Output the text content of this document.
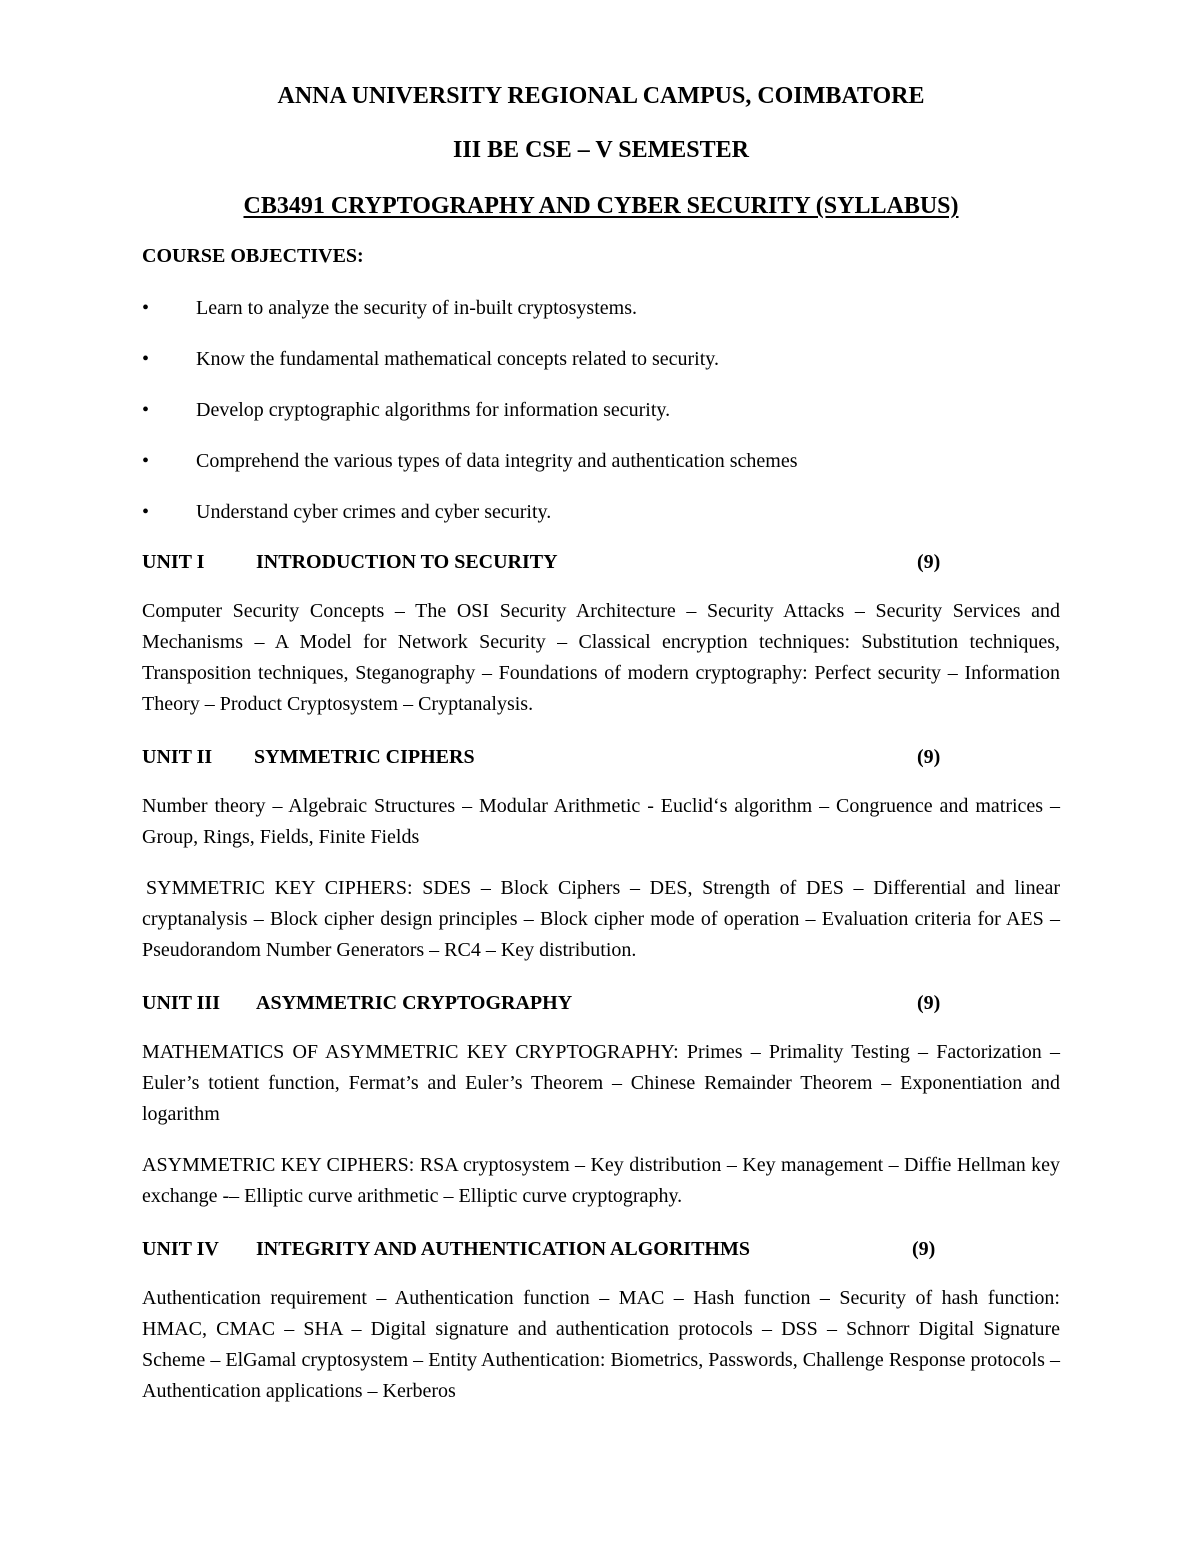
ANNA UNIVERSITY REGIONAL CAMPUS, COIMBATORE
III BE CSE – V SEMESTER
CB3491 CRYPTOGRAPHY AND CYBER SECURITY (SYLLABUS)
COURSE OBJECTIVES:
•	Learn to analyze the security of in-built cryptosystems.
•	Know the fundamental mathematical concepts related to security.
•	Develop cryptographic algorithms for information security.
•	Comprehend the various types of data integrity and authentication schemes
•	Understand cyber crimes and cyber security.
UNIT I	INTRODUCTION TO SECURITY	(9)

Computer Security Concepts – The OSI Security Architecture – Security Attacks – Security Services and Mechanisms – A Model for Network Security – Classical encryption techniques: Substitution techniques, Transposition techniques, Steganography – Foundations of modern cryptography: Perfect security – Information Theory – Product Cryptosystem – Cryptanalysis.

UNIT II SYMMETRIC CIPHERS	(9)

Number theory – Algebraic Structures – Modular Arithmetic - Euclid‘s algorithm – Congruence and matrices – Group, Rings, Fields, Finite Fields

SYMMETRIC KEY CIPHERS: SDES – Block Ciphers – DES, Strength of DES – Differential and linear cryptanalysis – Block cipher design principles – Block cipher mode of operation – Evaluation criteria for AES – Pseudorandom Number Generators – RC4 – Key distribution.

UNIT III ASYMMETRIC CRYPTOGRAPHY	(9)

MATHEMATICS OF ASYMMETRIC KEY CRYPTOGRAPHY: Primes – Primality Testing – Factorization – Euler’s totient function, Fermat’s and Euler’s Theorem – Chinese Remainder Theorem – Exponentiation and logarithm

ASYMMETRIC KEY CIPHERS: RSA cryptosystem – Key distribution – Key management – Diffie Hellman key exchange -– Elliptic curve arithmetic – Elliptic curve cryptography.

UNIT IV INTEGRITY AND AUTHENTICATION ALGORITHMS	(9)

Authentication requirement – Authentication function – MAC – Hash function – Security of hash function: HMAC, CMAC – SHA – Digital signature and authentication protocols – DSS – Schnorr Digital Signature Scheme – ElGamal cryptosystem – Entity Authentication: Biometrics, Passwords, Challenge Response protocols – Authentication applications – Kerberos
